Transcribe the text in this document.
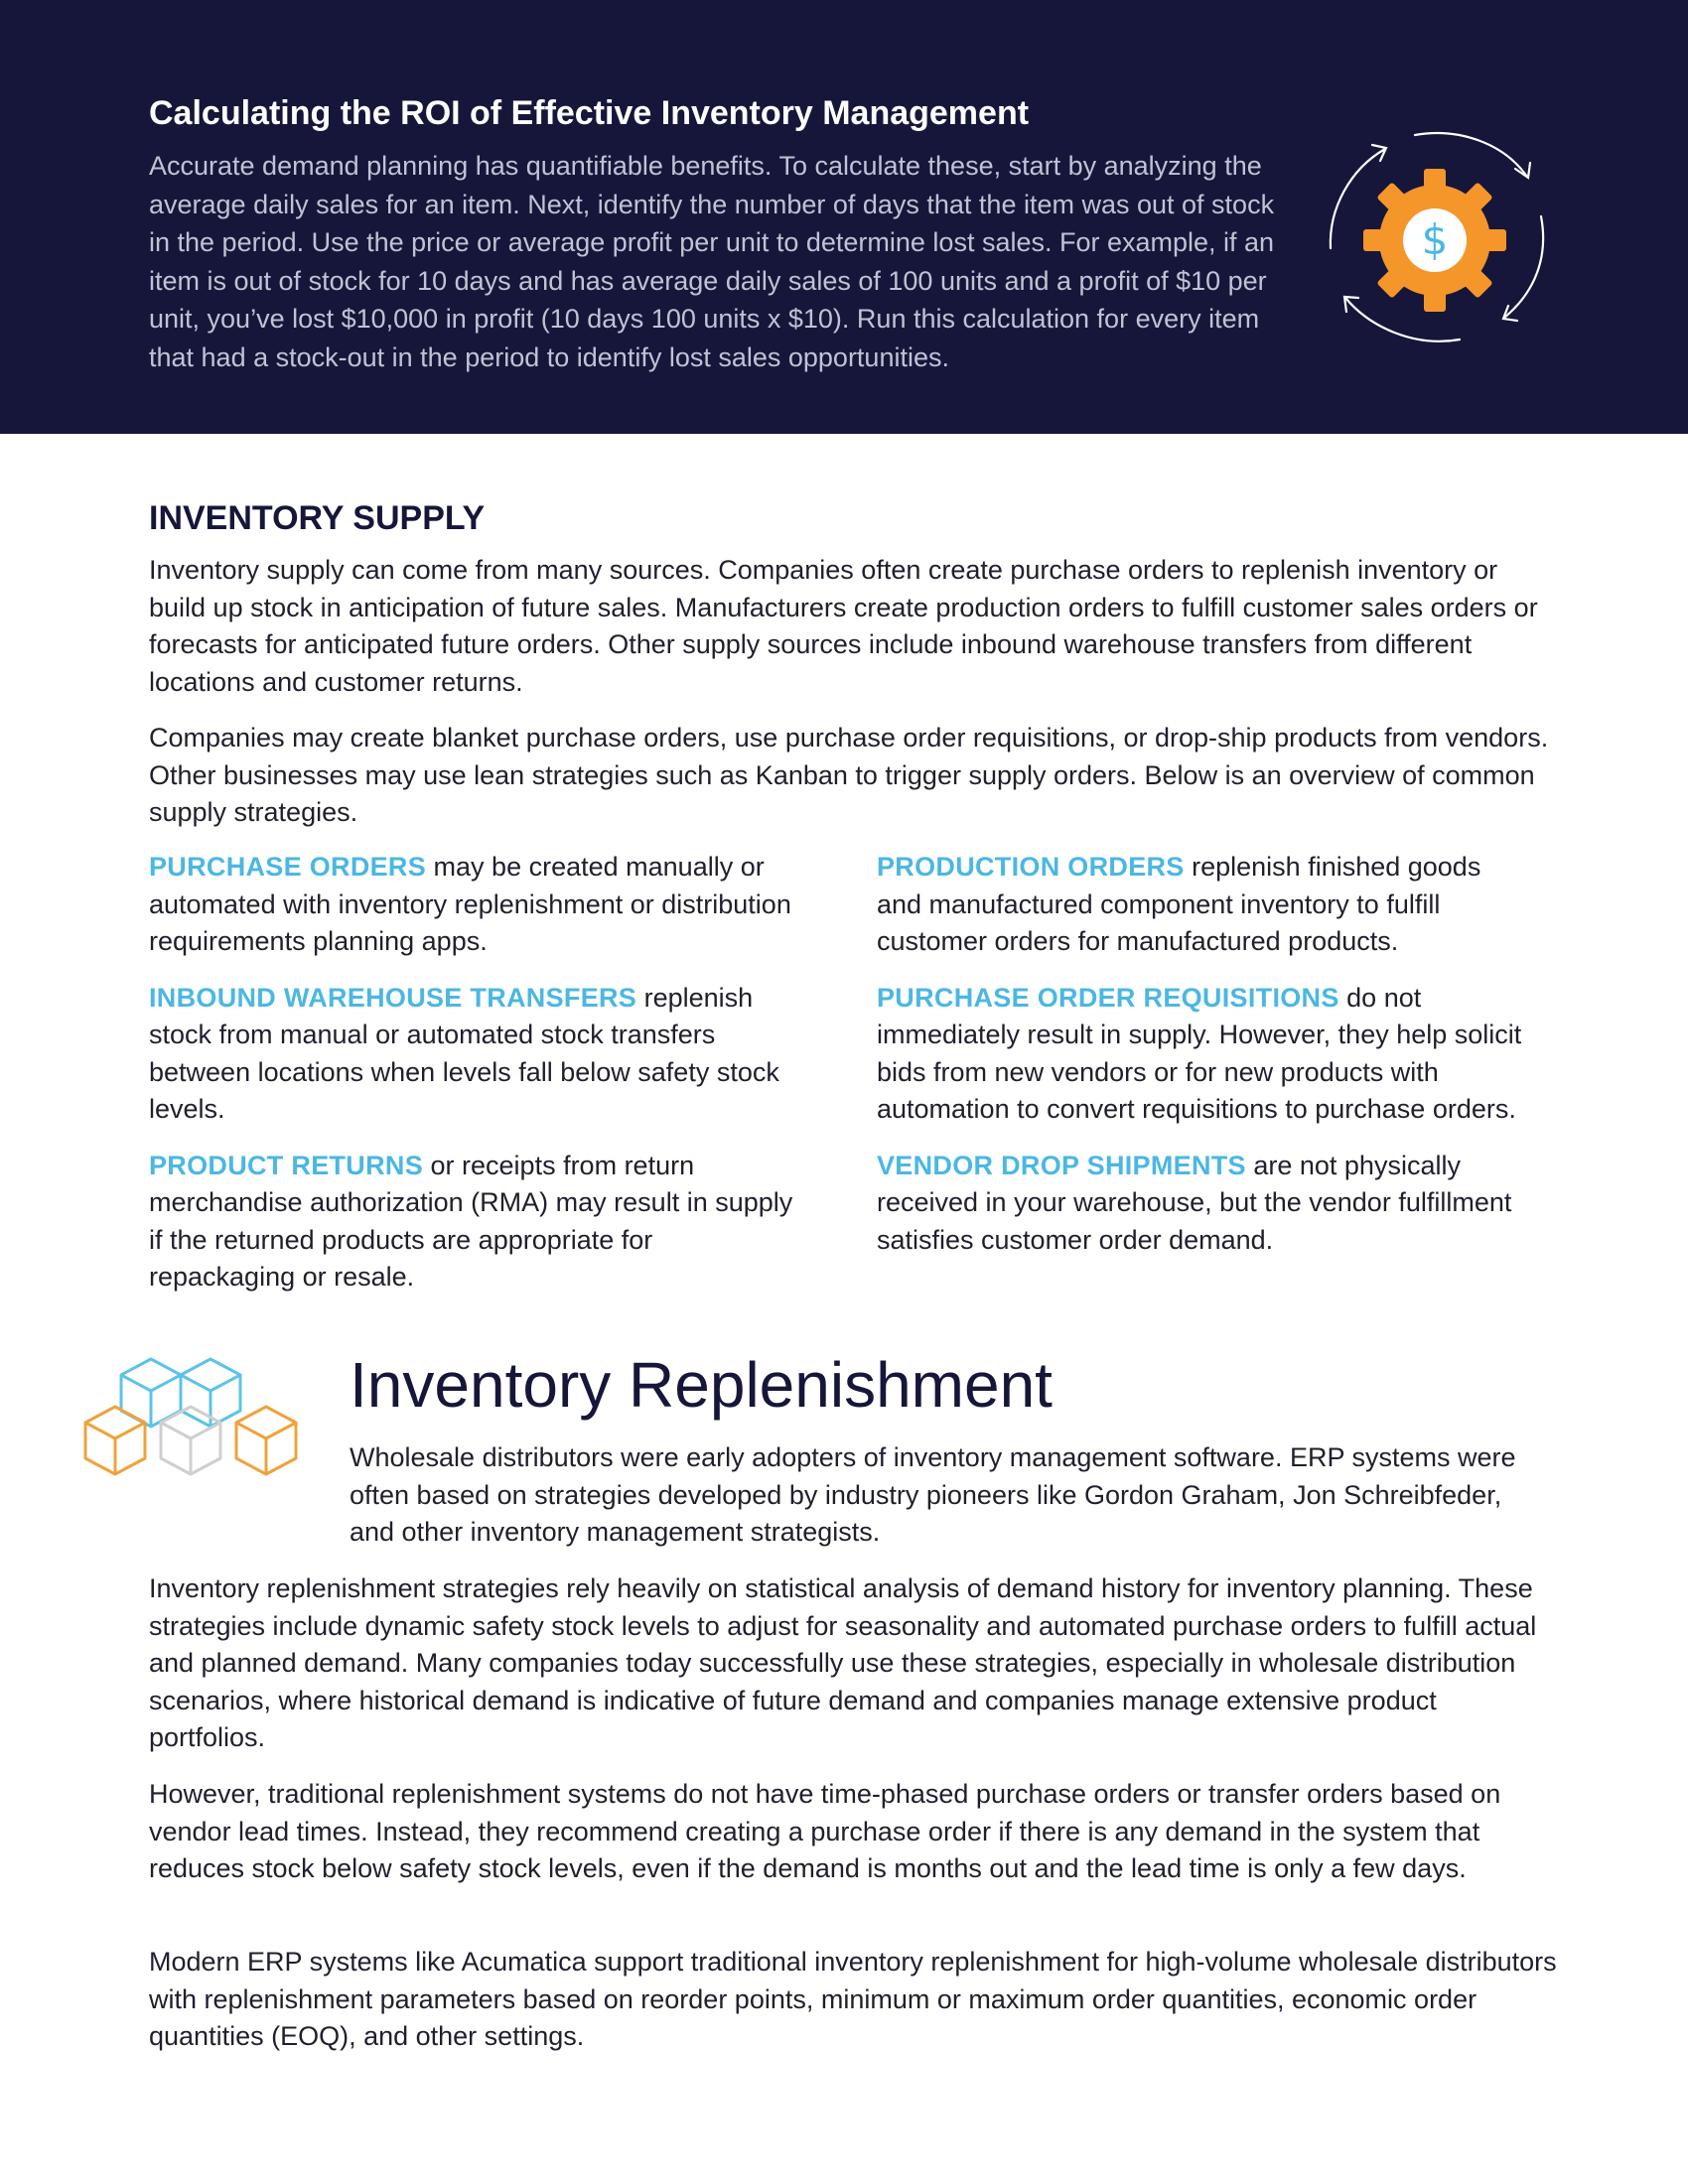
Calculating the ROI of Effective Inventory Management
Accurate demand planning has quantifiable benefits. To calculate these, start by analyzing the average daily sales for an item. Next, identify the number of days that the item was out of stock in the period. Use the price or average profit per unit to determine lost sales. For example, if an item is out of stock for 10 days and has average daily sales of 100 units and a profit of $10 per unit, you’ve lost $10,000 in profit (10 days 100 units x $10). Run this calculation for every item that had a stock-out in the period to identify lost sales opportunities.
$
INVENTORY SUPPLY

Inventory supply can come from many sources. Companies often create purchase orders to replenish inventory or build up stock in anticipation of future sales. Manufacturers create production orders to fulfill customer sales orders or forecasts for anticipated future orders. Other supply sources include inbound warehouse transfers from different locations and customer returns.

Companies may create blanket purchase orders, use purchase order requisitions, or drop-ship products from vendors. Other businesses may use lean strategies such as Kanban to trigger supply orders. Below is an overview of common supply strategies.

PURCHASE ORDERS may be created manually or automated with inventory replenishment or distribution requirements planning apps.

INBOUND WAREHOUSE TRANSFERS replenish stock from manual or automated stock transfers between locations when levels fall below safety stock levels.

PRODUCT RETURNS or receipts from return merchandise authorization (RMA) may result in supply if the returned products are appropriate for repackaging or resale.

PRODUCTION ORDERS replenish finished goods and manufactured component inventory to fulfill customer orders for manufactured products.

PURCHASE ORDER REQUISITIONS do not immediately result in supply. However, they help solicit bids from new vendors or for new products with automation to convert requisitions to purchase orders.

VENDOR DROP SHIPMENTS are not physically received in your warehouse, but the vendor fulfillment satisfies customer order demand.

Inventory Replenishment

Wholesale distributors were early adopters of inventory management software. ERP systems were often based on strategies developed by industry pioneers like Gordon Graham, Jon Schreibfeder, and other inventory management strategists.

Inventory replenishment strategies rely heavily on statistical analysis of demand history for inventory planning. These strategies include dynamic safety stock levels to adjust for seasonality and automated purchase orders to fulfill actual and planned demand. Many companies today successfully use these strategies, especially in wholesale distribution scenarios, where historical demand is indicative of future demand and companies manage extensive product portfolios.

However, traditional replenishment systems do not have time-phased purchase orders or transfer orders based on vendor lead times. Instead, they recommend creating a purchase order if there is any demand in the system that reduces stock below safety stock levels, even if the demand is months out and the lead time is only a few days.

Modern ERP systems like Acumatica support traditional inventory replenishment for high-volume wholesale distributors with replenishment parameters based on reorder points, minimum or maximum order quantities, economic order quantities (EOQ), and other settings.
